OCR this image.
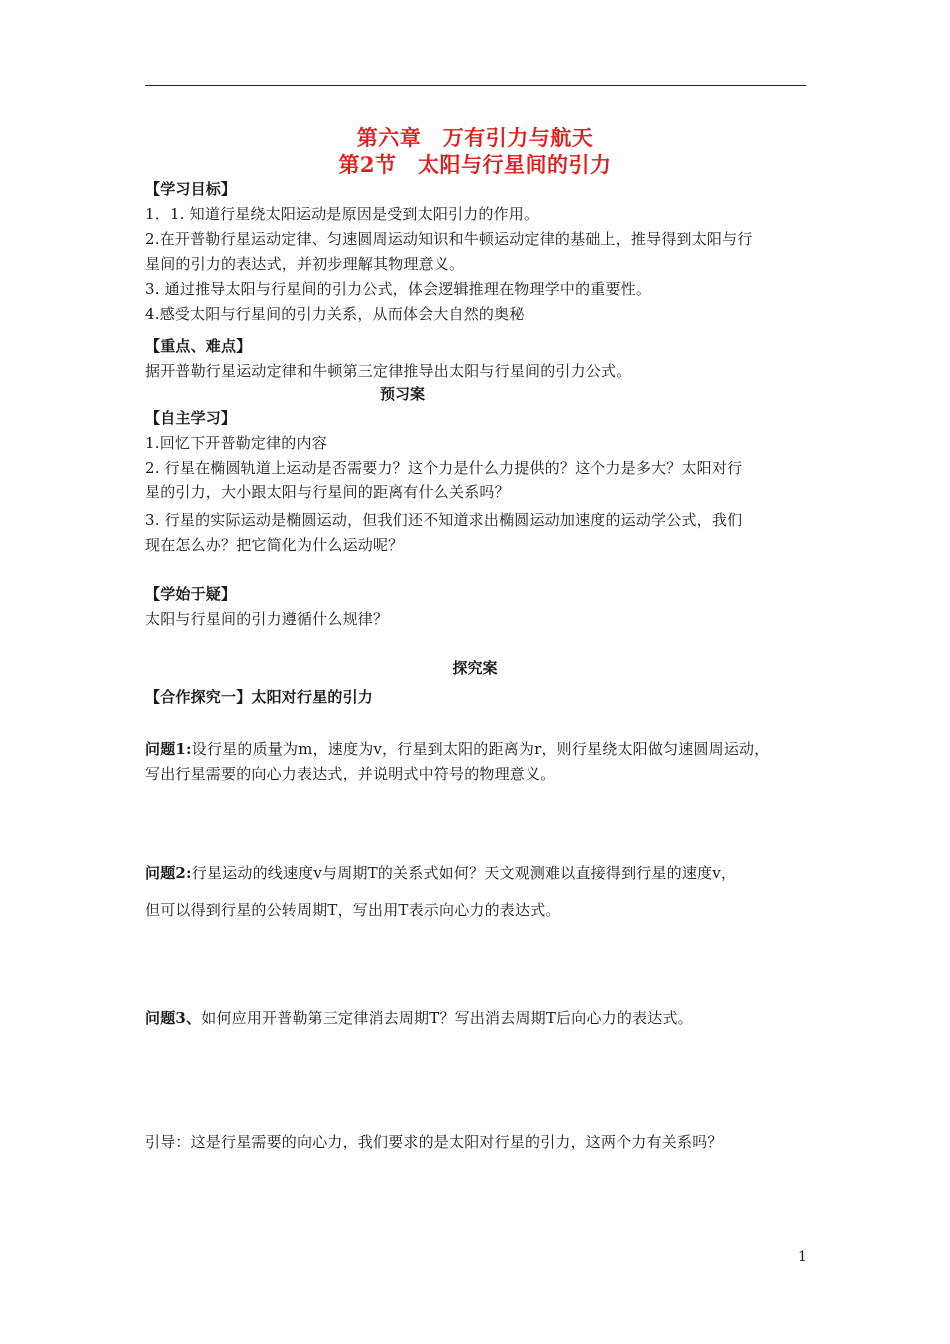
第六章　万有引力与航天
第2节　太阳与行星间的引力
【学习目标】
1．1. 知道行星绕太阳运动是原因是受到太阳引力的作用。
2.在开普勒行星运动定律、匀速圆周运动知识和牛顿运动定律的基础上，推导得到太阳与行
星间的引力的表达式，并初步理解其物理意义。
3. 通过推导太阳与行星间的引力公式，体会逻辑推理在物理学中的重要性。
4.感受太阳与行星间的引力关系，从而体会大自然的奥秘
【重点、难点】
据开普勒行星运动定律和牛顿第三定律推导出太阳与行星间的引力公式。
预习案
【自主学习】
1.回忆下开普勒定律的内容
2. 行星在椭圆轨道上运动是否需要力？这个力是什么力提供的？这个力是多大？太阳对行
星的引力，大小跟太阳与行星间的距离有什么关系吗？
3. 行星的实际运动是椭圆运动，但我们还不知道求出椭圆运动加速度的运动学公式，我们
现在怎么办？把它简化为什么运动呢？
【学始于疑】
太阳与行星间的引力遵循什么规律？
探究案
【合作探究一】太阳对行星的引力
问题1:设行星的质量为m，速度为v，行星到太阳的距离为r，则行星绕太阳做匀速圆周运动，
写出行星需要的向心力表达式，并说明式中符号的物理意义。
问题2:行星运动的线速度v与周期T的关系式如何？天文观测难以直接得到行星的速度v，
但可以得到行星的公转周期T，写出用T表示向心力的表达式。
问题3、如何应用开普勒第三定律消去周期T？写出消去周期T后向心力的表达式。
引导：这是行星需要的向心力，我们要求的是太阳对行星的引力，这两个力有关系吗？
1
